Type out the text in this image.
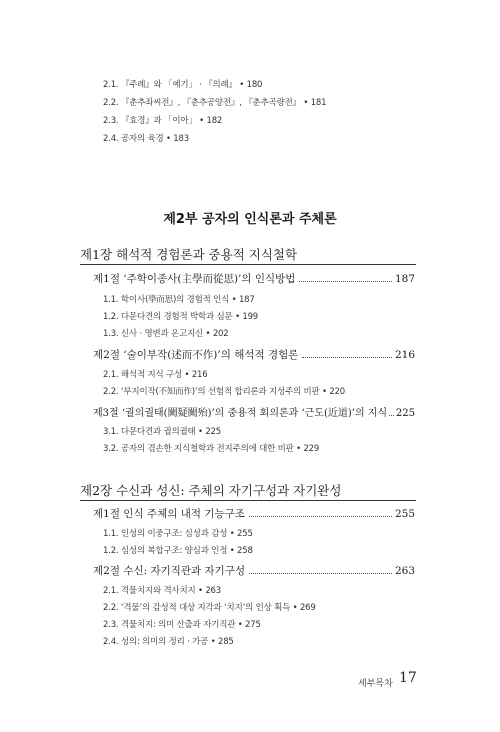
2.1. 『주례』와 「예기」 · 『의례』 • 180
2.2. 『춘추좌씨전』, 『춘추공양전』, 『춘추곡량전』 • 181
2.3. 『효경』과 「이아」 • 182
2.4. 공자의 육경 • 183
제2부 공자의 인식론과 주체론
제1장 해석적 경험론과 중용적 지식철학
제1절 ‘주학이종사(主學而從思)’의 인식방법	187
1.1. 학이사(學而思)의 경험적 인식 • 187
1.2. 다문다견의 경험적 박학과 심문 • 199
1.3. 신사 · 명변과 온고지신 • 202
제2절 ‘술이부작(述而不作)’의 해석적 경험론	216
2.1. 해석적 지식 구성 • 216
2.2. ‘부지이작(不知而作)’의 선험적 합리론과 지성주의 비판 • 220
제3절 ‘궐의궐태(闕疑闕殆)’의 중용적 회의론과 ‘근도(近道)’의 지식 225
3.1. 다문다견과 궐의궐태 • 225
3.2. 공자의 겸손한 지식철학과 전지주의에 대한 비판 • 229
제2장 수신과 성신: 주체의 자기구성과 자기완성
제1절 인식 주체의 내적 기능구조	255
1.1. 인성의 이중구조: 심성과 감성 • 255
1.2. 심성의 복합구조: 양심과 인정 • 258
제2절 수신: 자기직관과 자기구성	263
2.1. 격물치지와 격사치지 • 263
2.2. ‘격물’의 감성적 대상 지각과 ‘치지’의 인상 획득 • 269
2.3. 격물치지: 의미 산출과 자기직관 • 275
2.4. 성의: 의미의 정리 · 가공 • 285
세부목차 17
